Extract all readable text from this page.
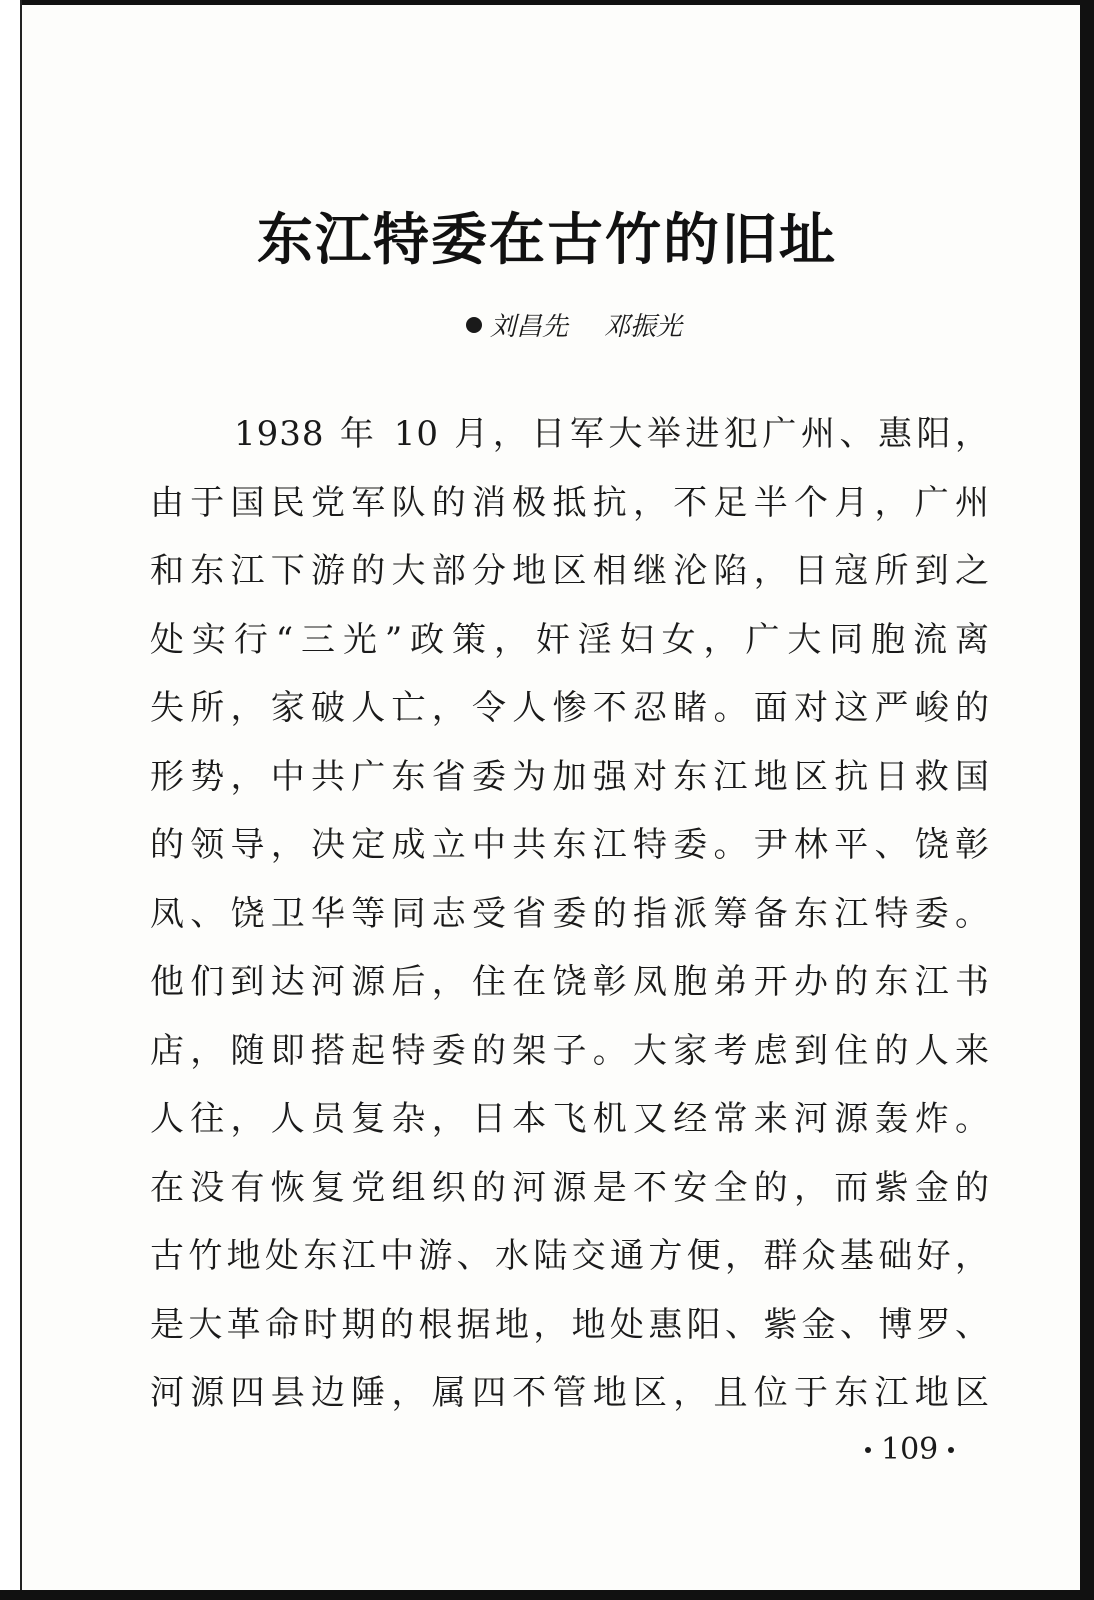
东江特委在古竹的旧址
刘昌先 邓振光
1938 年 10 月，日军大举进犯广州、惠阳，
由于国民党军队的消极抵抗，不足半个月，广州
和东江下游的大部分地区相继沦陷，日寇所到之
处实行“三光”政策，奸淫妇女，广大同胞流离
失所，家破人亡，令人惨不忍睹。面对这严峻的
形势，中共广东省委为加强对东江地区抗日救国
的领导，决定成立中共东江特委。尹林平、饶彰
凤、饶卫华等同志受省委的指派筹备东江特委。
他们到达河源后，住在饶彰凤胞弟开办的东江书
店，随即搭起特委的架子。大家考虑到住的人来
人往，人员复杂，日本飞机又经常来河源轰炸。
在没有恢复党组织的河源是不安全的，而紫金的
古竹地处东江中游、水陆交通方便，群众基础好，
是大革命时期的根据地，地处惠阳、紫金、博罗、
河源四县边陲，属四不管地区，且位于东江地区
109
